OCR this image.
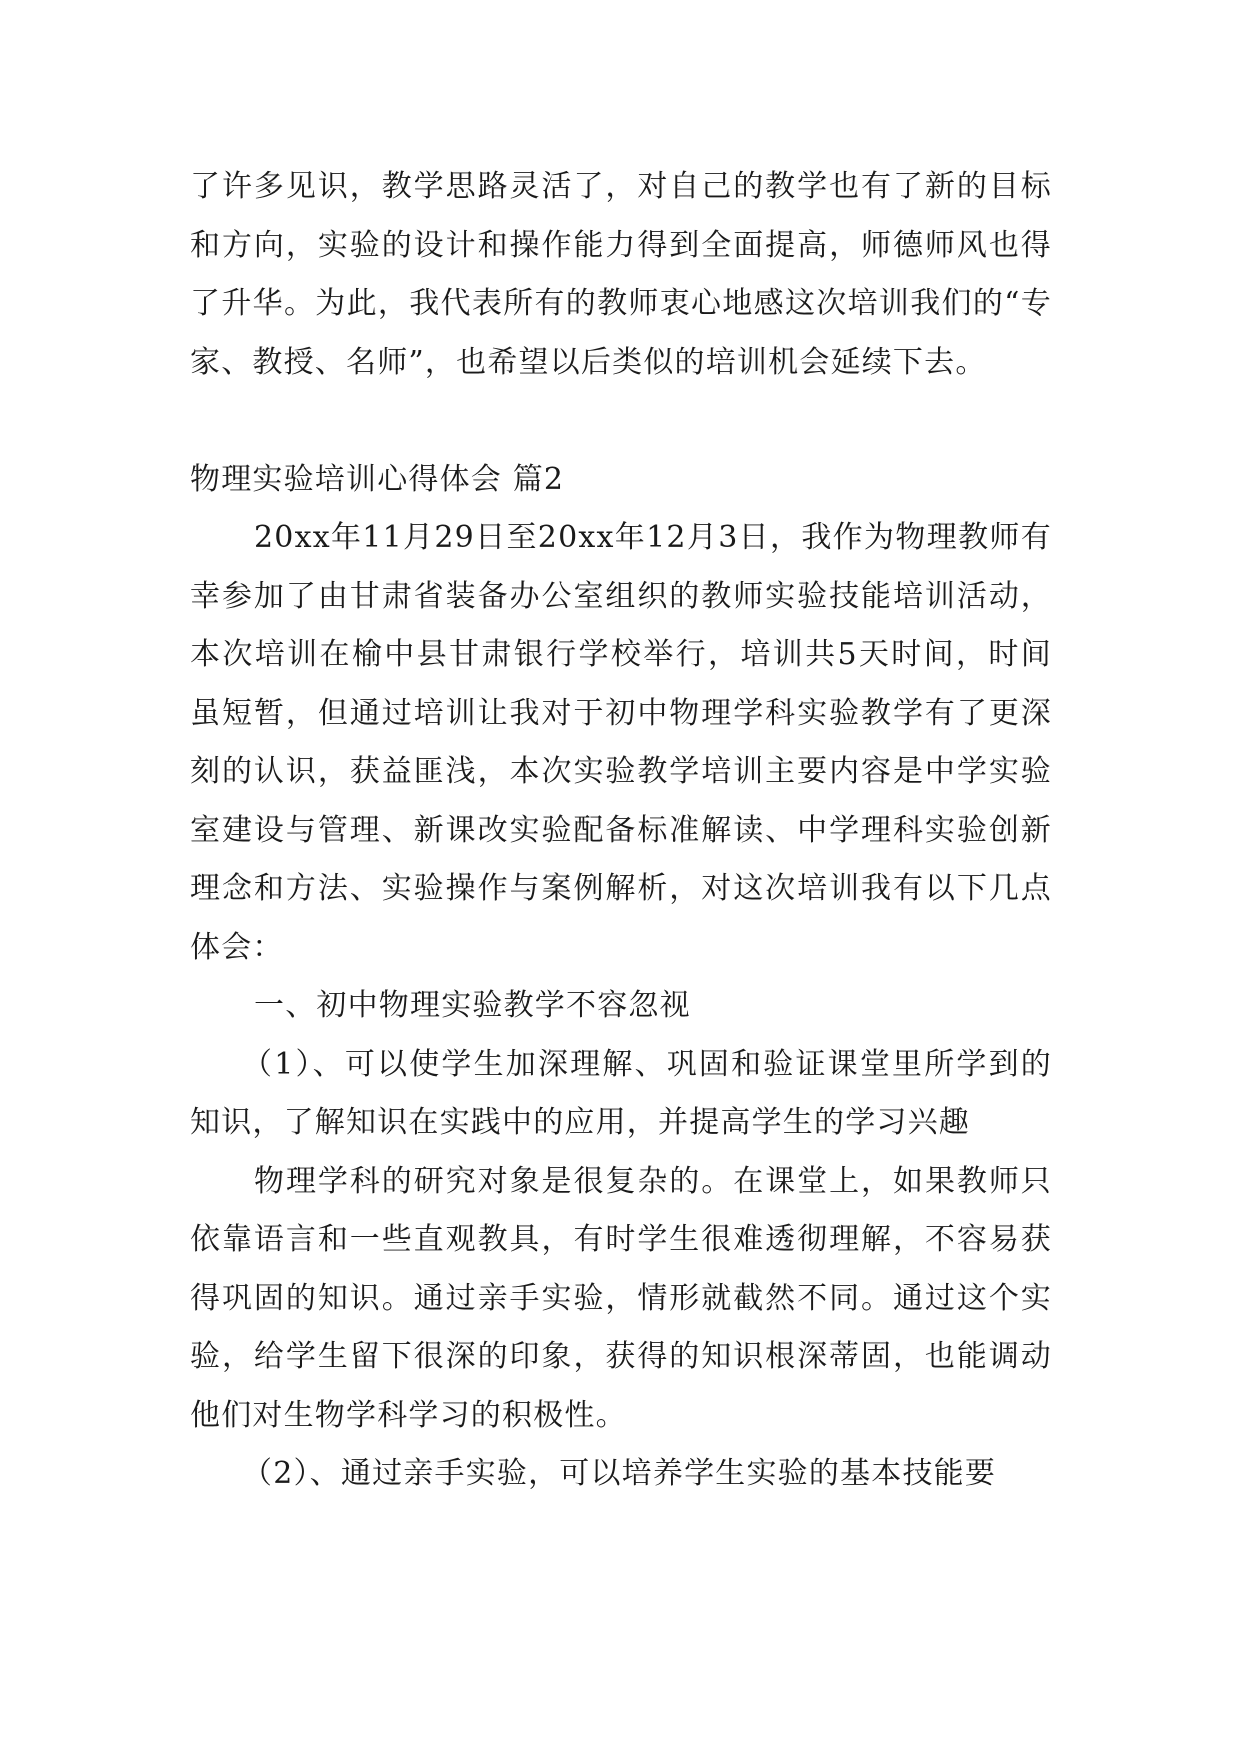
了许多见识，教学思路灵活了，对自己的教学也有了新的目标和方向，实验的设计和操作能力得到全面提高，师德师风也得了升华。为此，我代表所有的教师衷心地感这次培训我们的“专家、教授、名师”，也希望以后类似的培训机会延续下去。

物理实验培训心得体会 篇2

20xx年11月29日至20xx年12月3日，我作为物理教师有幸参加了由甘肃省装备办公室组织的教师实验技能培训活动，本次培训在榆中县甘肃银行学校举行，培训共5天时间，时间虽短暂，但通过培训让我对于初中物理学科实验教学有了更深刻的认识，获益匪浅，本次实验教学培训主要内容是中学实验室建设与管理、新课改实验配备标准解读、中学理科实验创新理念和方法、实验操作与案例解析，对这次培训我有以下几点体会：

一、初中物理实验教学不容忽视

（1）、可以使学生加深理解、巩固和验证课堂里所学到的知识，了解知识在实践中的应用，并提高学生的学习兴趣

物理学科的研究对象是很复杂的。在课堂上，如果教师只依靠语言和一些直观教具，有时学生很难透彻理解，不容易获得巩固的知识。通过亲手实验，情形就截然不同。通过这个实验，给学生留下很深的印象，获得的知识根深蒂固，也能调动他们对生物学科学习的积极性。

（2）、通过亲手实验，可以培养学生实验的基本技能要
